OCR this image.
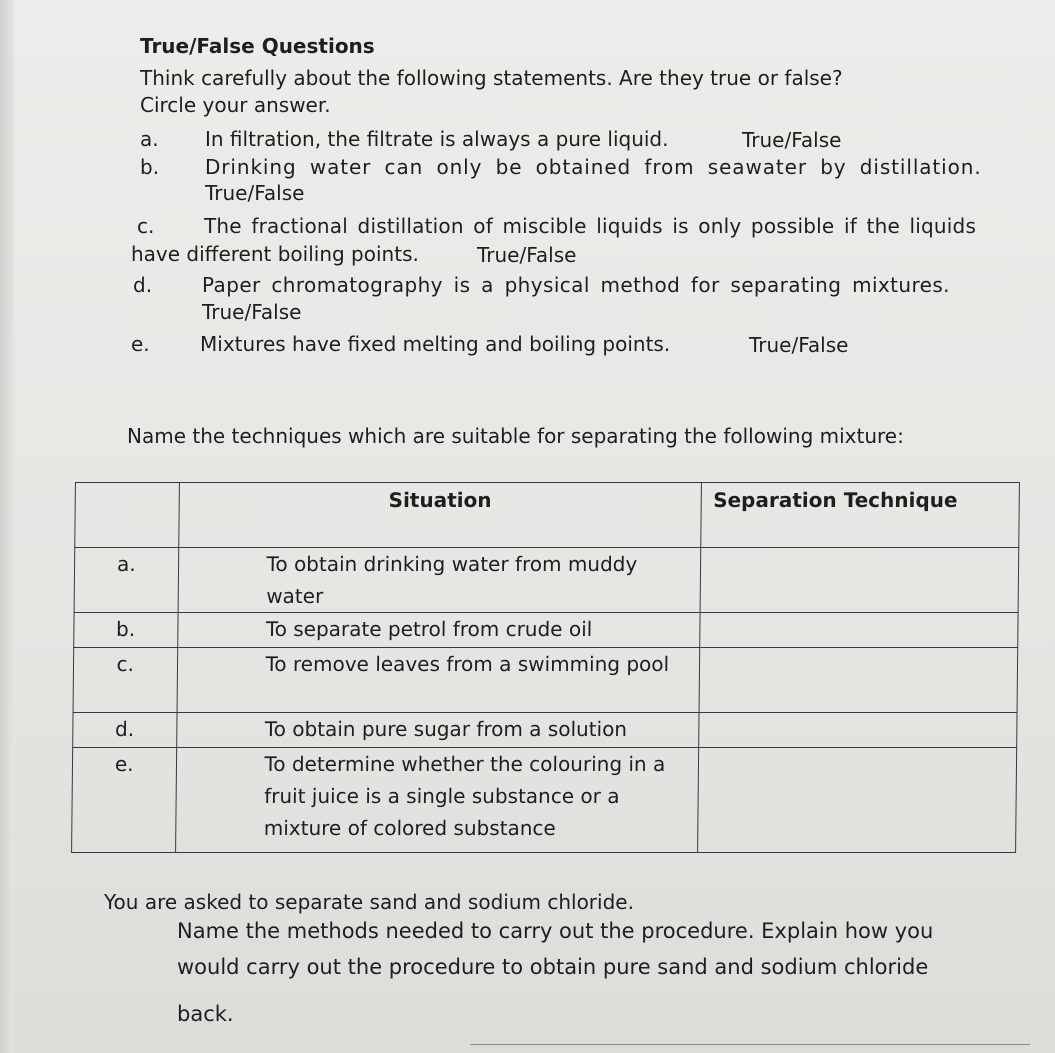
True/False Questions
Think carefully about the following statements. Are they true or false?
Circle your answer.
a. In filtration, the filtrate is always a pure liquid.	True/False
b. Drinking water can only be obtained from seawater by distillation.
True/False
c. The fractional distillation of miscible liquids is only possible if the liquids
have different boiling points.	True/False
d. Paper chromatography is a physical method for separating mixtures.
True/False
e.	Mixtures have fixed melting and boiling points.	True/False
Name the techniques which are suitable for separating the following mixture:
	Situation	Separation Technique
a.	To obtain drinking water from muddy water	
b.	To separate petrol from crude oil	
c.	To remove leaves from a swimming pool	
d.	To obtain pure sugar from a solution	
e.	To determine whether the colouring in a fruit juice is a single substance or a mixture of colored substance	
You are asked to separate sand and sodium chloride.
Name the methods needed to carry out the procedure. Explain how you
would carry out the procedure to obtain pure sand and sodium chloride
back.
